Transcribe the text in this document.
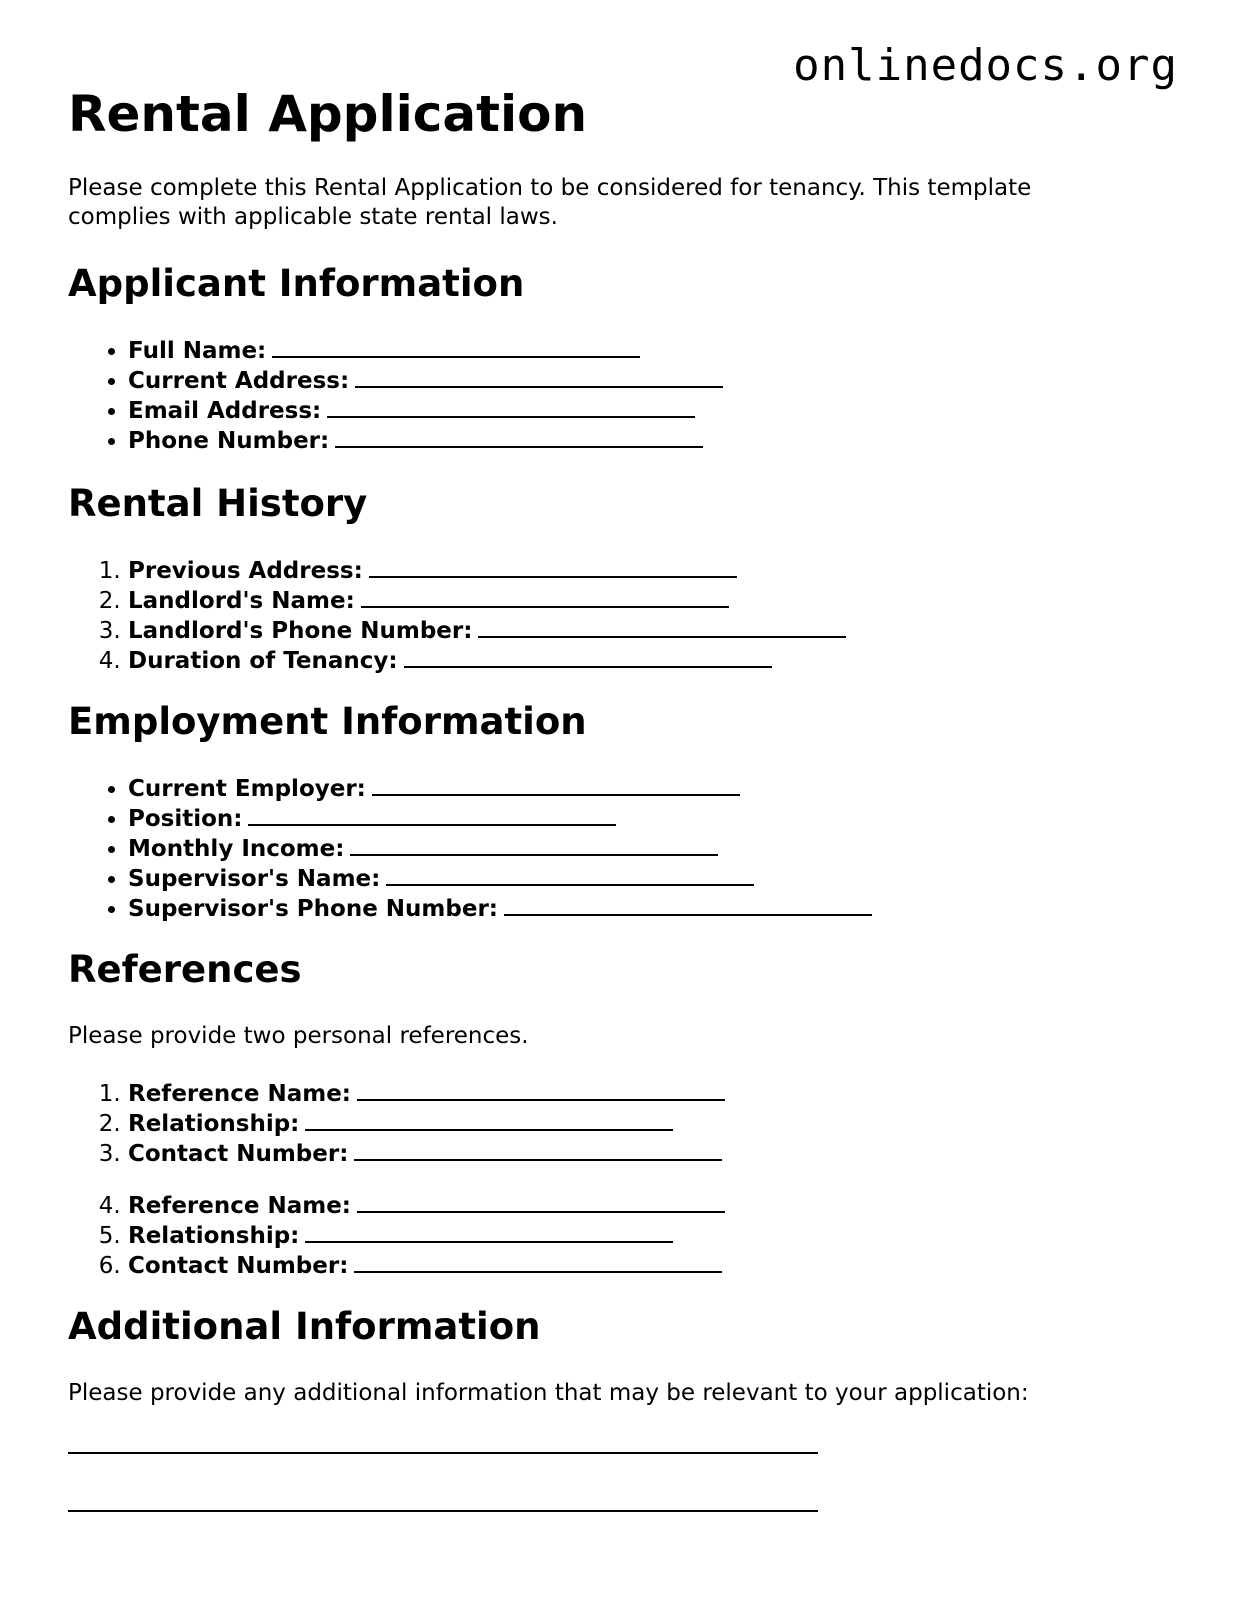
onlinedocs.org
Rental Application

Please complete this Rental Application to be considered for tenancy. This template complies with applicable state rental laws.

Applicant Information
• Full Name:
• Current Address:
• Email Address:
• Phone Number:
Rental History
1. Previous Address:
2. Landlord's Name:
3. Landlord's Phone Number:
4. Duration of Tenancy:
Employment Information
• Current Employer:
• Position:
• Monthly Income:
• Supervisor's Name:
• Supervisor's Phone Number:
References

Please provide two personal references.

1. Reference Name:
2. Relationship:
3. Contact Number:
4. Reference Name:
5. Relationship:
6. Contact Number:
Additional Information

Please provide any additional information that may be relevant to your application:
